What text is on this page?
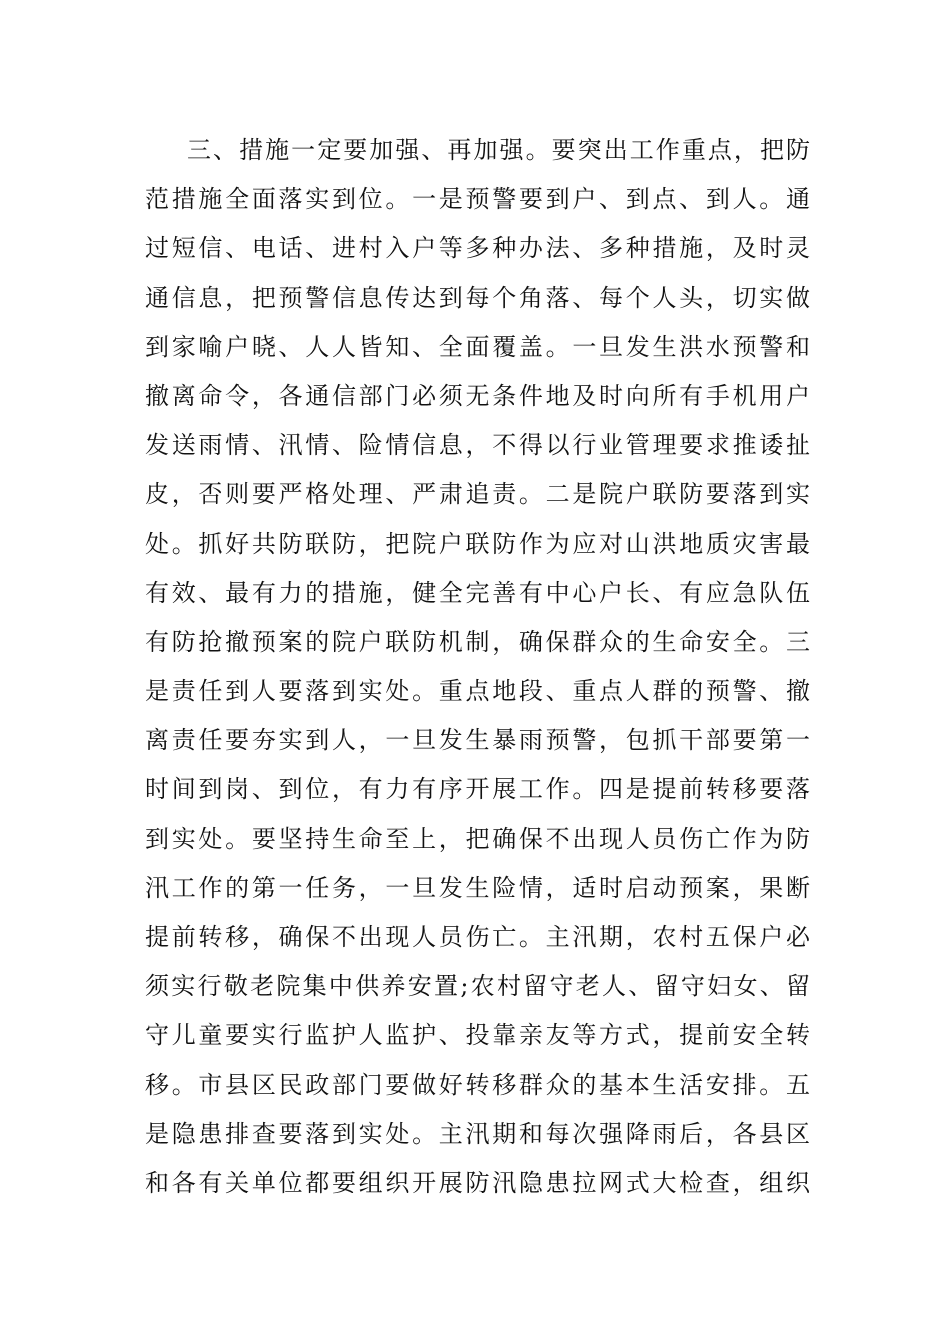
三、措施一定要加强、再加强。要突出工作重点，把防
范措施全面落实到位。一是预警要到户、到点、到人。通
过短信、电话、进村入户等多种办法、多种措施，及时灵
通信息，把预警信息传达到每个角落、每个人头，切实做
到家喻户晓、人人皆知、全面覆盖。一旦发生洪水预警和
撤离命令，各通信部门必须无条件地及时向所有手机用户
发送雨情、汛情、险情信息，不得以行业管理要求推诿扯
皮，否则要严格处理、严肃追责。二是院户联防要落到实
处。抓好共防联防，把院户联防作为应对山洪地质灾害最
有效、最有力的措施，健全完善有中心户长、有应急队伍
有防抢撤预案的院户联防机制，确保群众的生命安全。三
是责任到人要落到实处。重点地段、重点人群的预警、撤
离责任要夯实到人，一旦发生暴雨预警，包抓干部要第一
时间到岗、到位，有力有序开展工作。四是提前转移要落
到实处。要坚持生命至上，把确保不出现人员伤亡作为防
汛工作的第一任务，一旦发生险情，适时启动预案，果断
提前转移，确保不出现人员伤亡。主汛期，农村五保户必
须实行敬老院集中供养安置;农村留守老人、留守妇女、留
守儿童要实行监护人监护、投靠亲友等方式，提前安全转
移。市县区民政部门要做好转移群众的基本生活安排。五
是隐患排查要落到实处。主汛期和每次强降雨后，各县区
和各有关单位都要组织开展防汛隐患拉网式大检查，组织
